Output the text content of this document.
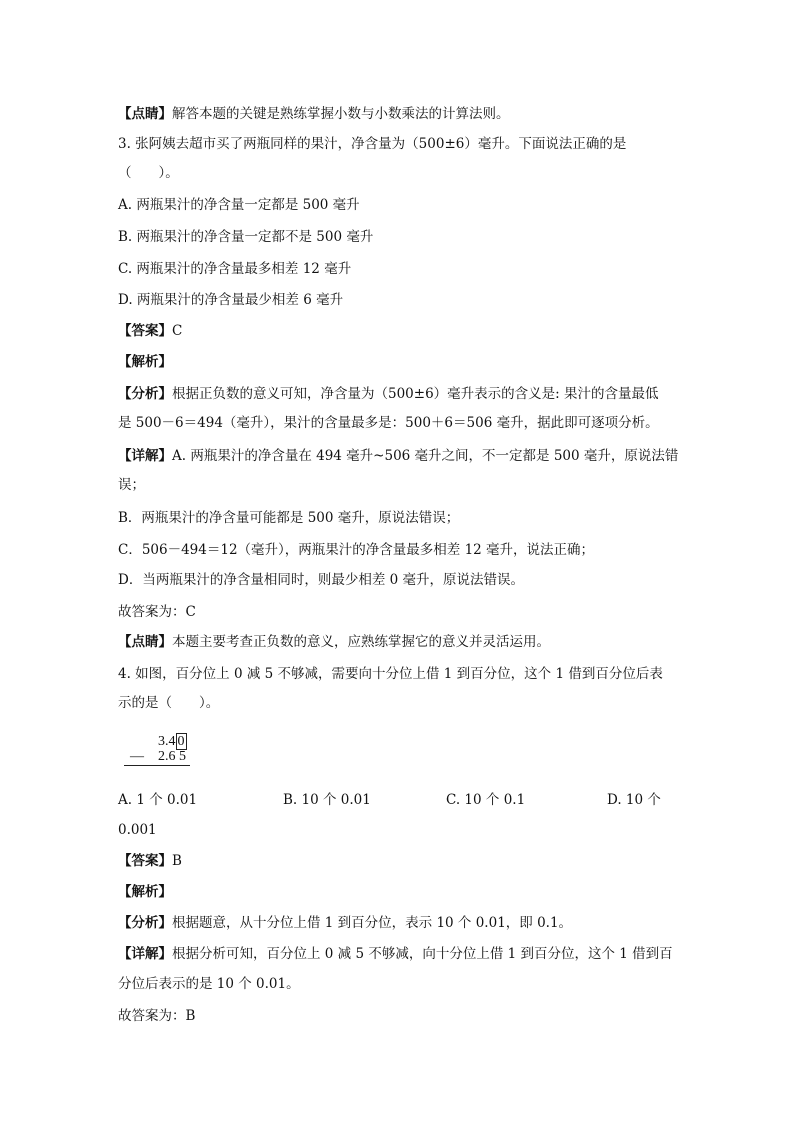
【点睛】解答本题的关键是熟练掌握小数与小数乘法的计算法则。
3. 张阿姨去超市买了两瓶同样的果汁，净含量为（500±6）毫升。下面说法正确的是
（　　）。
A. 两瓶果汁的净含量一定都是 500 毫升
B. 两瓶果汁的净含量一定都不是 500 毫升
C. 两瓶果汁的净含量最多相差 12 毫升
D. 两瓶果汁的净含量最少相差 6 毫升
【答案】C
【解析】
【分析】根据正负数的意义可知，净含量为（500±6）毫升表示的含义是: 果汁的含量最低
是 500－6＝494（毫升），果汁的含量最多是：500＋6＝506 毫升，据此即可逐项分析。
【详解】A. 两瓶果汁的净含量在 494 毫升~506 毫升之间，不一定都是 500 毫升，原说法错
误；
B．两瓶果汁的净含量可能都是 500 毫升，原说法错误；
C．506－494＝12（毫升），两瓶果汁的净含量最多相差 12 毫升，说法正确；
D．当两瓶果汁的净含量相同时，则最少相差 0 毫升，原说法错误。
故答案为：C
【点睛】本题主要考查正负数的意义，应熟练掌握它的意义并灵活运用。
4. 如图，百分位上 0 减 5 不够减，需要向十分位上借 1 到百分位，这个 1 借到百分位后表
示的是（　　）。
3.4 0
— 2.6 5
A. 1 个 0.01	B. 10 个 0.01	C. 10 个 0.1	D. 10 个
0.001
【答案】B
【解析】
【分析】根据题意，从十分位上借 1 到百分位，表示 10 个 0.01，即 0.1。
【详解】根据分析可知，百分位上 0 减 5 不够减，向十分位上借 1 到百分位，这个 1 借到百
分位后表示的是 10 个 0.01。
故答案为：B
